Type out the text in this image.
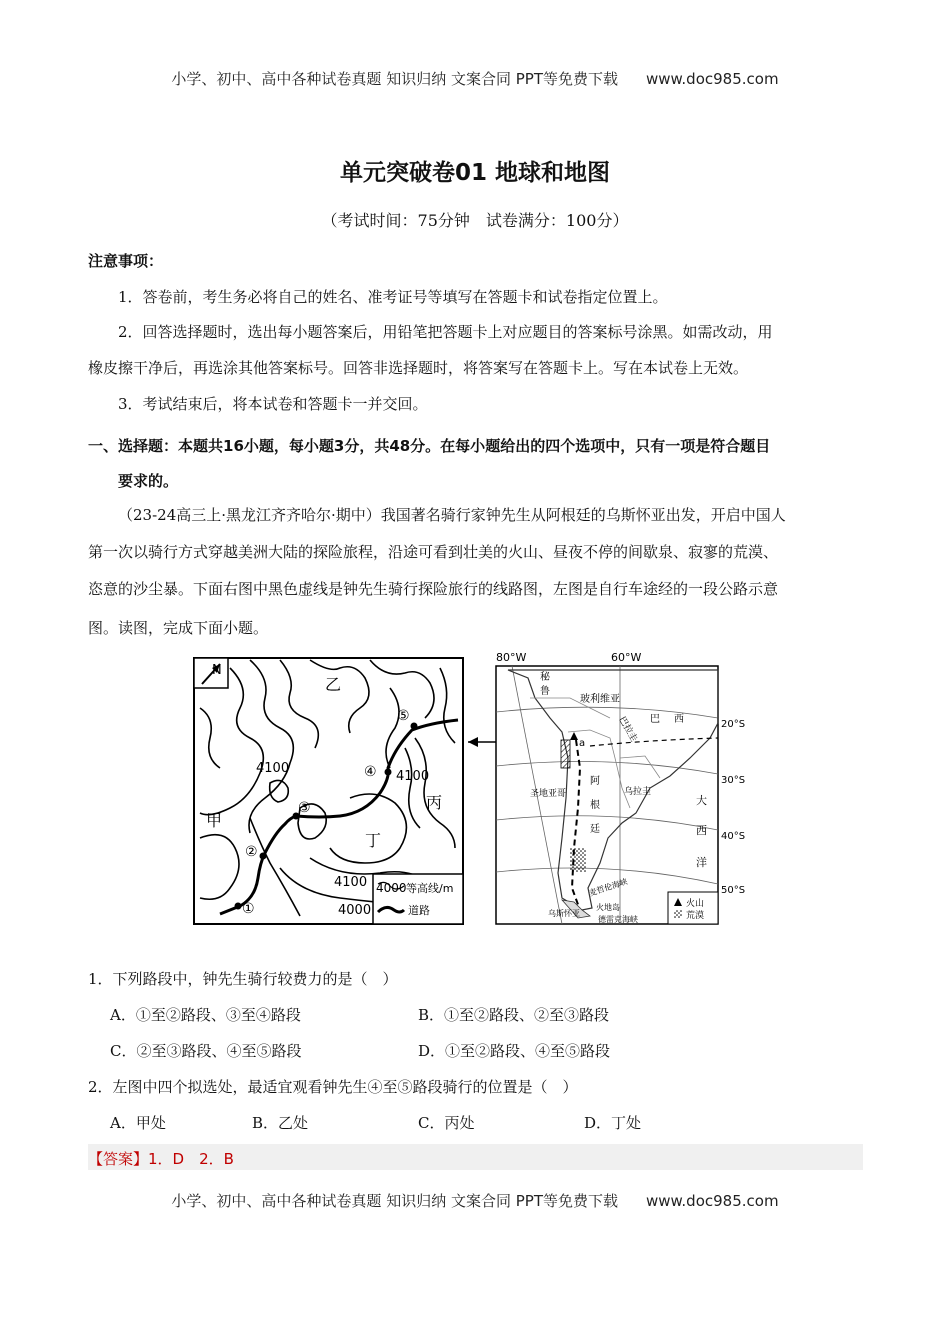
小学、初中、高中各种试卷真题 知识归纳 文案合同 PPT等免费下载 www.doc985.com
单元突破卷01 地球和地图
（考试时间：75分钟　试卷满分：100分）
注意事项：
1．答卷前，考生务必将自己的姓名、准考证号等填写在答题卡和试卷指定位置上。
2．回答选择题时，选出每小题答案后，用铅笔把答题卡上对应题目的答案标号涂黑。如需改动，用
橡皮擦干净后，再选涂其他答案标号。回答非选择题时，将答案写在答题卡上。写在本试卷上无效。
3．考试结束后，将本试卷和答题卡一并交回。
一、选择题：本题共16小题，每小题3分，共48分。在每小题给出的四个选项中，只有一项是符合题目
要求的。
（23-24高三上·黑龙江齐齐哈尔·期中）我国著名骑行家钟先生从阿根廷的乌斯怀亚出发，开启中国人
第一次以骑行方式穿越美洲大陆的探险旅程，沿途可看到壮美的火山、昼夜不停的间歇泉、寂寥的荒漠、
恣意的沙尘暴。下面右图中黑色虚线是钟先生骑行探险旅行的线路图，左图是自行车途经的一段公路示意
图。读图，完成下面小题。
N
①
②
③
④
⑤
4100
4100
4100
4000
甲
乙
丙
丁
4000 等高线/m
道路
80°W	60°W
a
秘
鲁
玻利维亚
巴拉圭 巴 西
阿
根
廷
乌拉圭
圣地亚哥	大
西
洋
麦哲伦海峡
火地岛
乌斯怀亚
德雷克海峡
20°S
30°S
40°S
50°S
火山
荒漠
1．下列路段中，钟先生骑行较费力的是（　）
A．①至②路段、③至④路段	B．①至②路段、②至③路段
C．②至③路段、④至⑤路段	D．①至②路段、④至⑤路段
2．左图中四个拟选处，最适宜观看钟先生④至⑤路段骑行的位置是（　）
A．甲处	B．乙处	C．丙处	D．丁处
【答案】1．D　2．B
小学、初中、高中各种试卷真题 知识归纳 文案合同 PPT等免费下载 www.doc985.com
